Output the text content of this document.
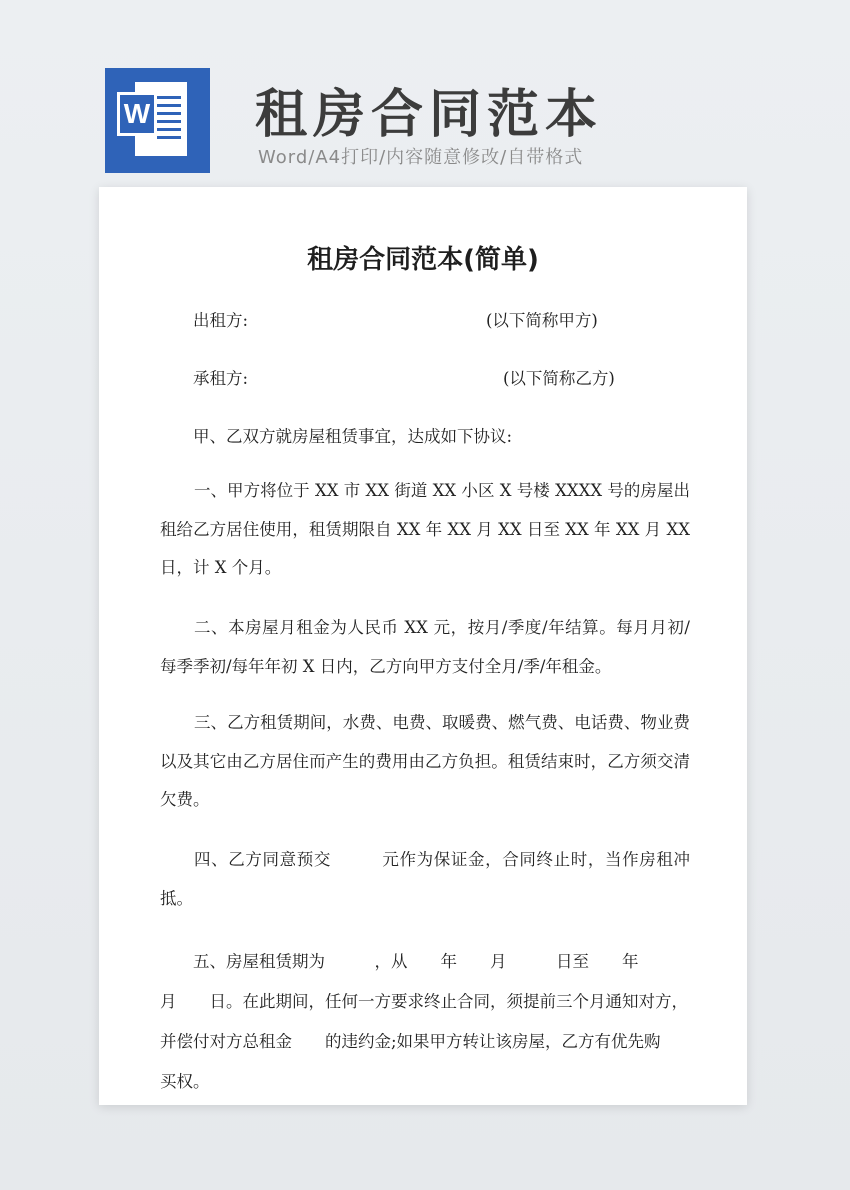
W 租房合同范本
Word/A4打印/内容随意修改/自带格式
租房合同范本(简单)
出租方:	(以下简称甲方)
承租方:	(以下简称乙方)
甲、乙双方就房屋租赁事宜，达成如下协议:
一、甲方将位于 XX 市 XX 街道 XX 小区 X 号楼 XXXX 号的房屋出租给乙方居住使用，租赁期限自 XX 年 XX 月 XX 日至 XX 年 XX 月 XX 日，计 X 个月。
二、本房屋月租金为人民币 XX 元，按月/季度/年结算。每月月初/每季季初/每年年初 X 日内，乙方向甲方支付全月/季/年租金。
三、乙方租赁期间，水费、电费、取暖费、燃气费、电话费、物业费以及其它由乙方居住而产生的费用由乙方负担。租赁结束时，乙方须交清欠费。
四、乙方同意预交　　　元作为保证金，合同终止时，当作房租冲抵。
五、房屋租赁期为　　　，从　　年　　月　　　日至　　年
月　　日。在此期间，任何一方要求终止合同，须提前三个月通知对方，
并偿付对方总租金　　的违约金;如果甲方转让该房屋，乙方有优先购
买权。
